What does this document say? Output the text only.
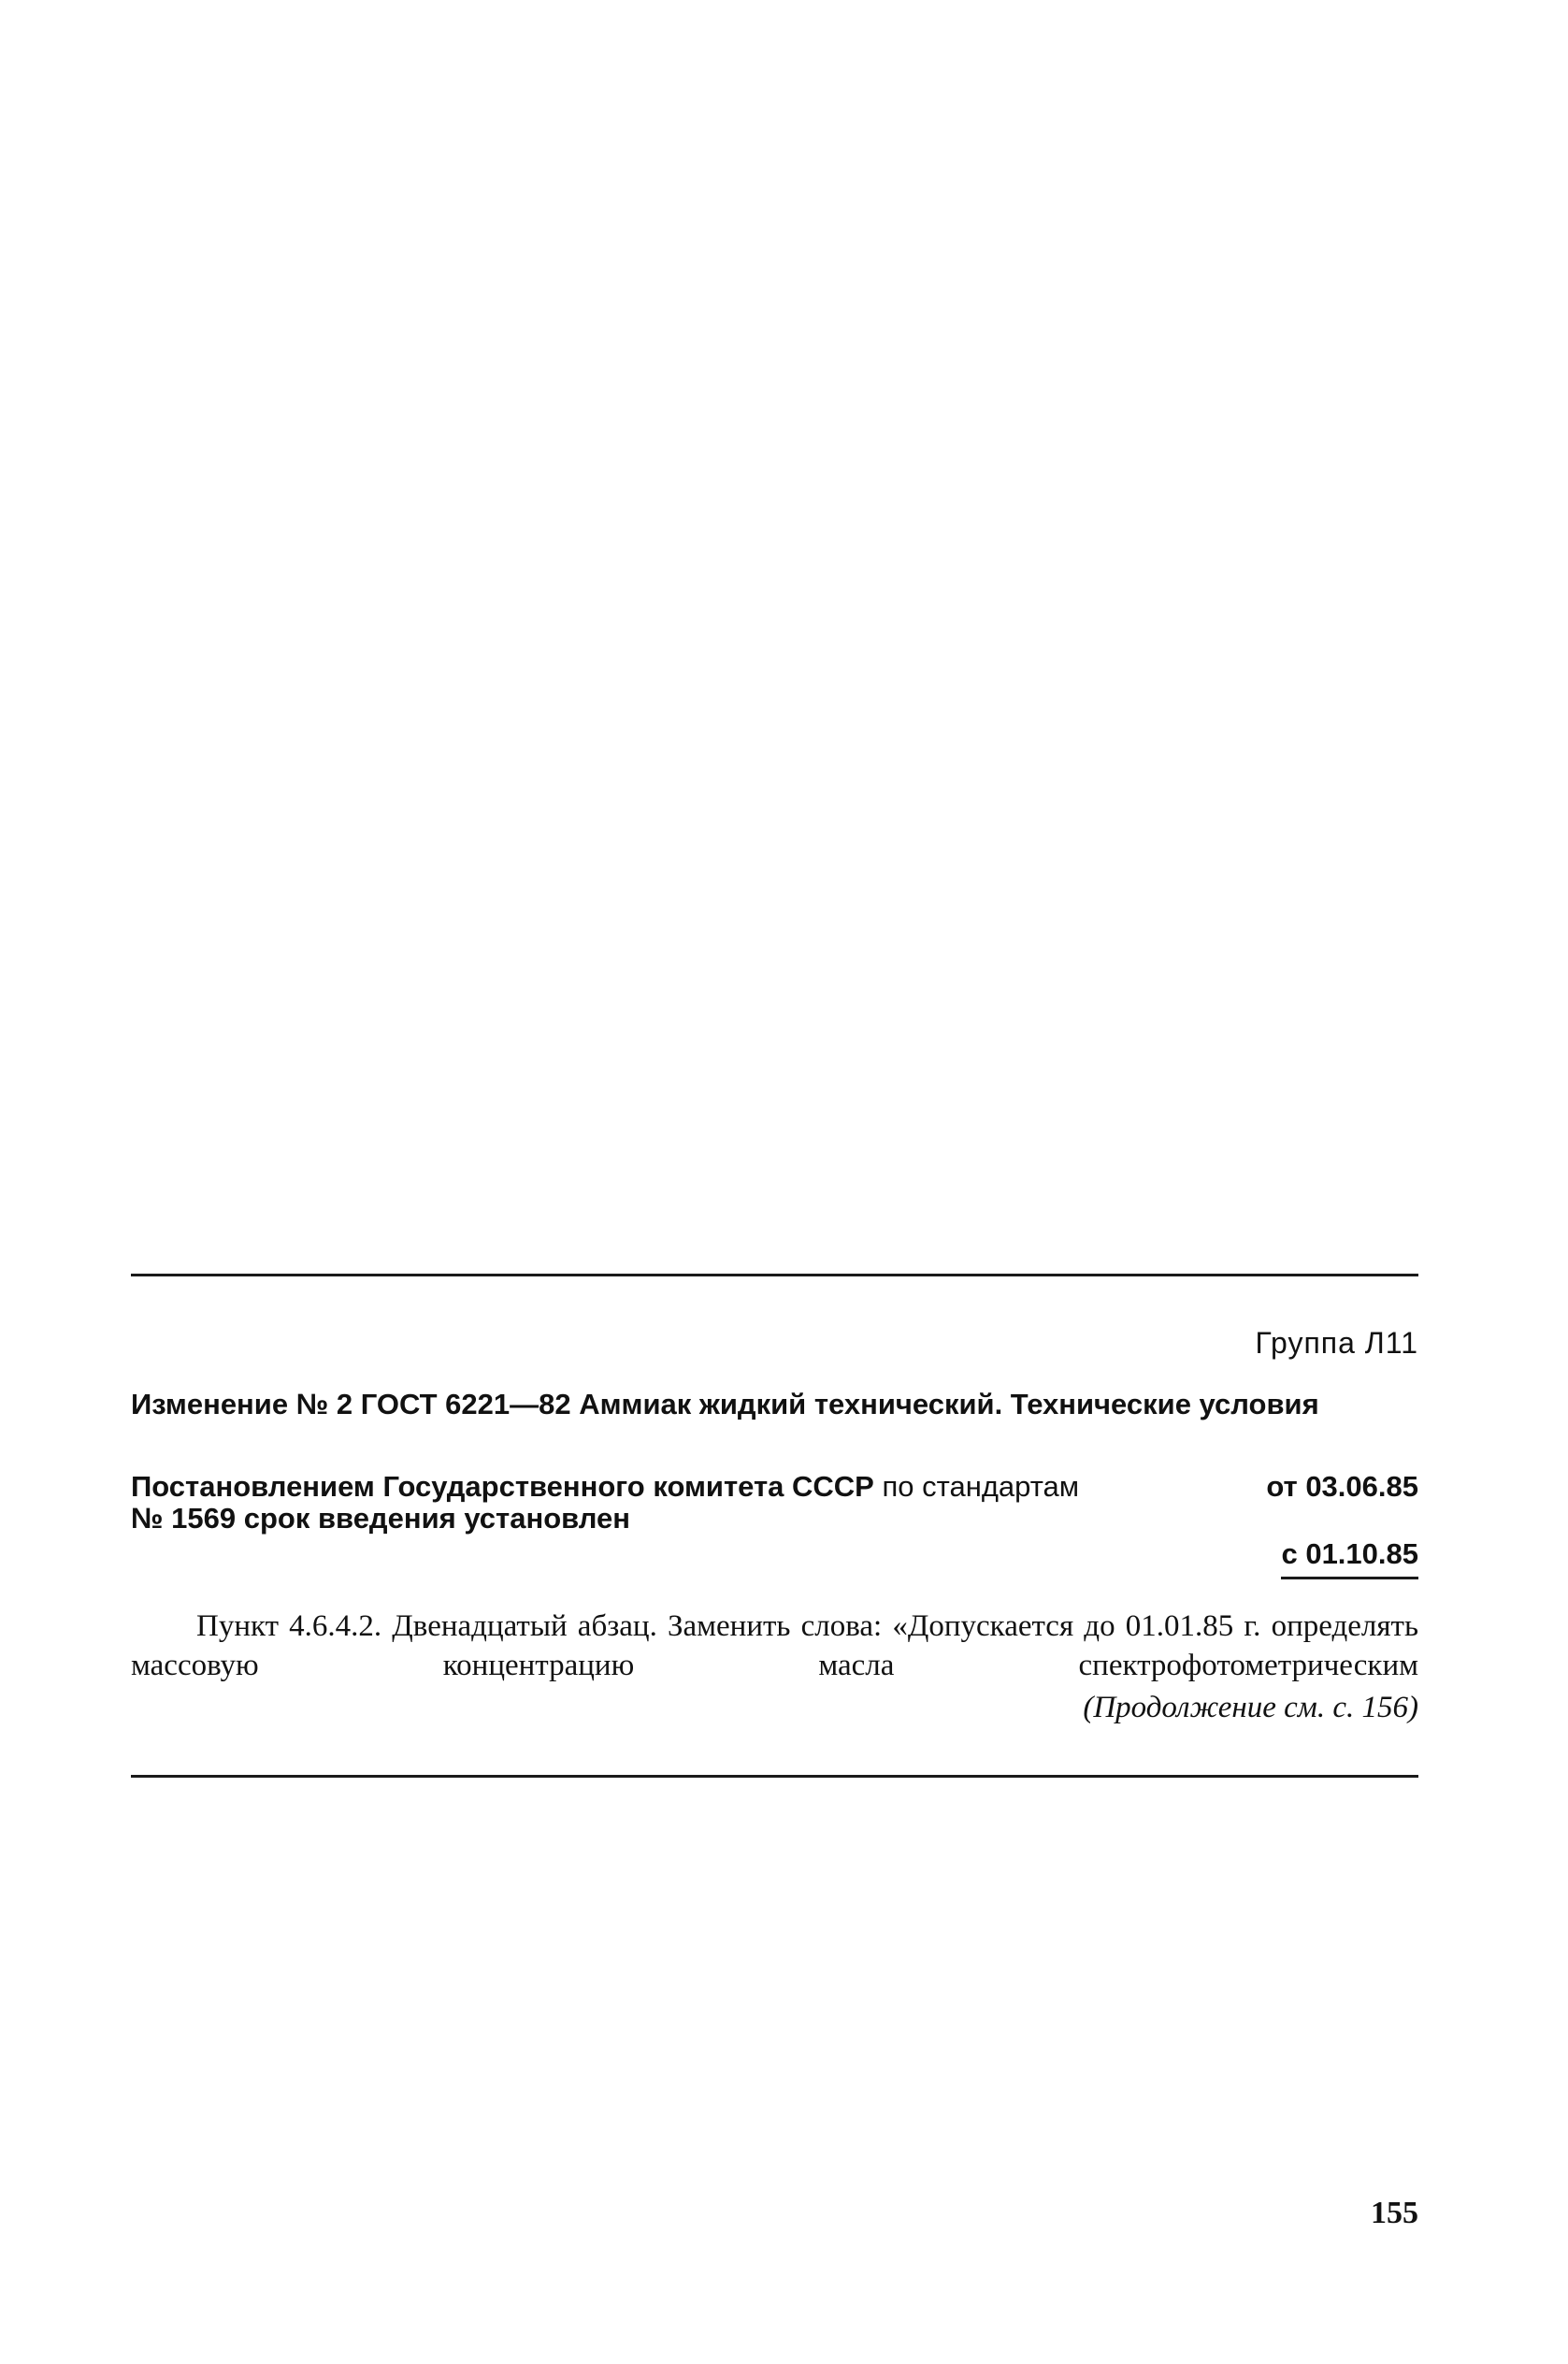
Группа Л11
Изменение № 2 ГОСТ 6221—82 Аммиак жидкий технический. Технические условия
Постановлением Государственного комитета СССР по стандартам	от 03.06.85
№ 1569 срок введения установлен
с 01.10.85

Пункт 4.6.4.2. Двенадцатый абзац. Заменить слова: «Допускается до 01.01.85 г. определять массовую концентрацию масла спектрофотометрическим

(Продолжение см. с. 156)
155
